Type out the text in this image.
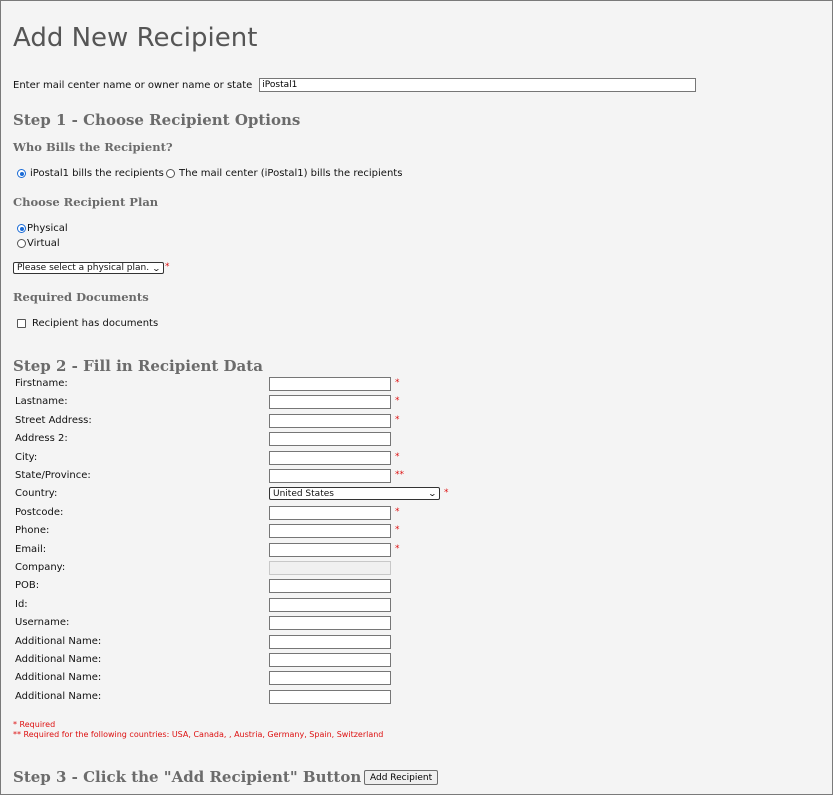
Add New Recipient
Enter mail center name or owner name or state
iPostal1
Step 1 - Choose Recipient Options
Who Bills the Recipient?
iPostal1 bills the recipients The mail center (iPostal1) bills the recipients
Choose Recipient Plan
Physical
Virtual
Please select a physical plan. ⌄ *
Required Documents
Recipient has documents
Step 2 - Fill in Recipient Data
Firstname:	*
Lastname:	*
Street Address:	*
Address 2:
City:	*
State/Province:	**
Country:	United States	⌄ *
Postcode:	*
Phone:	*
Email:	*
Company:
POB:
Id:
Username:
Additional Name:
Additional Name:
Additional Name:
Additional Name:
* Required
** Required for the following countries: USA, Canada, , Austria, Germany, Spain, Switzerland
Step 3 - Click the "Add Recipient" Button Add Recipient
